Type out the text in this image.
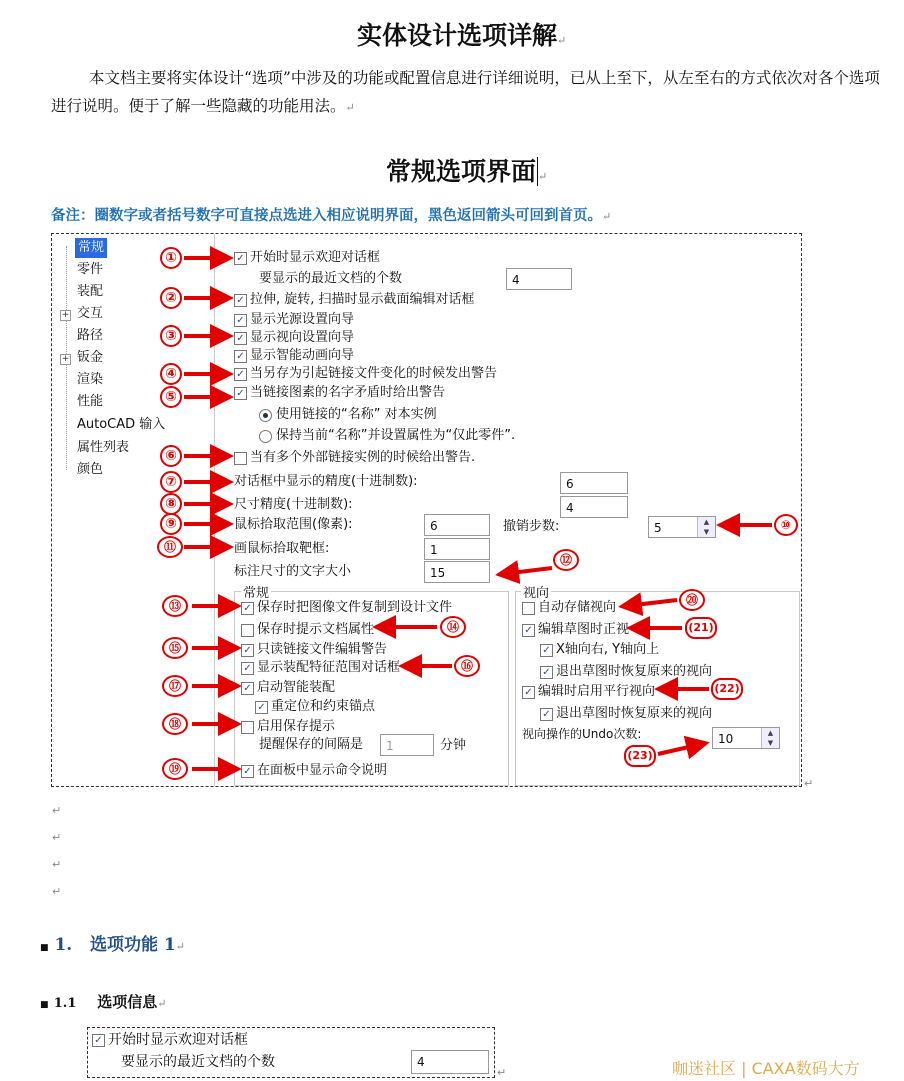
实体设计选项详解↵
本文档主要将实体设计“选项”中涉及的功能或配置信息进行详细说明，已从上至下，从左至右的方式依次对各个选项进行说明。便于了解一些隐藏的功能用法。↵
常规选项界面 ↵
备注：圈数字或者括号数字可直接点选进入相应说明界面，黑色返回箭头可回到首页。↵
常规
零件
装配
+ 交互
路径
+ 钣金
渲染
性能
AutoCAD 输入
属性列表
颜色
✓ 开始时显示欢迎对话框
要显示的最近文档的个数	4
✓ 拉伸, 旋转, 扫描时显示截面编辑对话框
✓ 显示光源设置向导
✓ 显示视向设置向导
✓ 显示智能动画向导
✓ 当另存为引起链接文件变化的时候发出警告
✓ 当链接图素的名字矛盾时给出警告
使用链接的“名称” 对本实例
保持当前“名称”并设置属性为“仅此零件”.
当有多个外部链接实例的时候给出警告.
对话框中显示的精度(十进制数):	6
尺寸精度(十进制数):	4
鼠标拾取范围(像素):	6	撤销步数:	5	▲
▼
画鼠标拾取靶框:	1
标注尺寸的文字大小	15
常规
✓ 保存时把图像文件复制到设计文件
保存时提示文档属性
✓ 只读链接文件编辑警告
✓ 显示装配特征范围对话框
✓ 启动智能装配
✓ 重定位和约束锚点
启用保存提示
提醒保存的间隔是	1	分钟
✓ 在面板中显示命令说明
视向
自动存储视向
✓ 编辑草图时正视
✓ X轴向右, Y轴向上
✓ 退出草图时恢复原来的视向
✓ 编辑时启用平行视向
✓ 退出草图时恢复原来的视向
视向操作的Undo次数:	10	▲
▼
①
②
③
④
⑤
⑥
⑦
⑧
⑨	⑩
⑪
⑫
⑬
⑭
⑮
⑯
⑰
⑱
⑲
⑳
(21)
(22)
(23)
↵
↵
↵
↵
↵
■ 1. 选项功能 1↵
■ 1.1 选项信息↵
✓ 开始时显示欢迎对话框
要显示的最近文档的个数	4
↵	咖迷社区 | CAXA数码大方
